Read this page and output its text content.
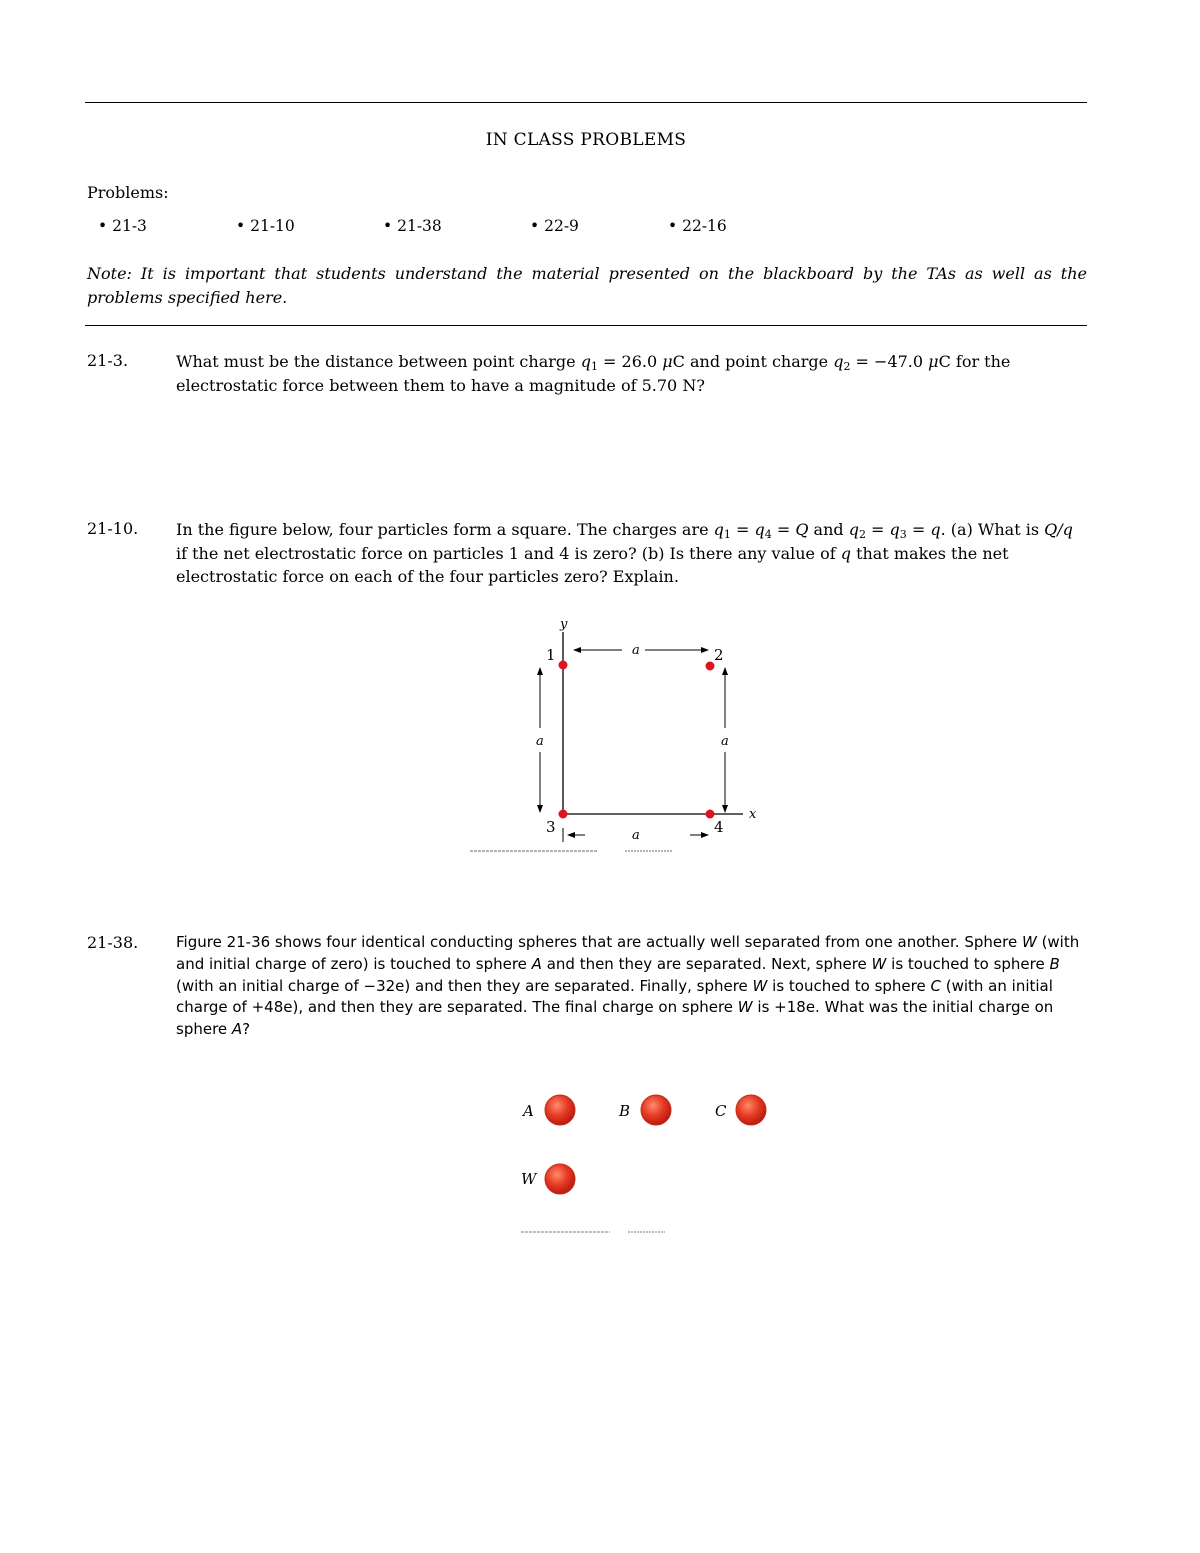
IN CLASS PROBLEMS
Problems:
• 21-3	• 21-10	• 21-38	• 22-9	• 22-16
Note: It is important that students understand the material presented on the blackboard by the TAs as well as the problems specified here.
21-3.	What must be the distance between point charge $q_1 = 26.0$ μC and point charge $q_2 = -47.0$ μC for the electrostatic force between them to have a magnitude of 5.70 N?
21-10. In the figure below, four particles form a square. The charges are $q_1 = q_4 = Q$ and $q_2 = q_3 = q$. (a) What is Q/q if the net electrostatic force on particles 1 and 4 is zero? (b) Is there any value of q that makes the net electrostatic force on each of the four particles zero? Explain.
y
x
a
a	a
a
1	2
3	4
21-38.	Figure 21-36 shows four identical conducting spheres that are actually well separated from one another. Sphere W (with and initial charge of zero) is touched to sphere A and then they are separated. Next, sphere W is touched to sphere B (with an initial charge of −32e) and then they are separated. Finally, sphere W is touched to sphere C (with an initial charge of +48e), and then they are separated. The final charge on sphere W is +18e. What was the initial charge on sphere A?
A	B	C
W
